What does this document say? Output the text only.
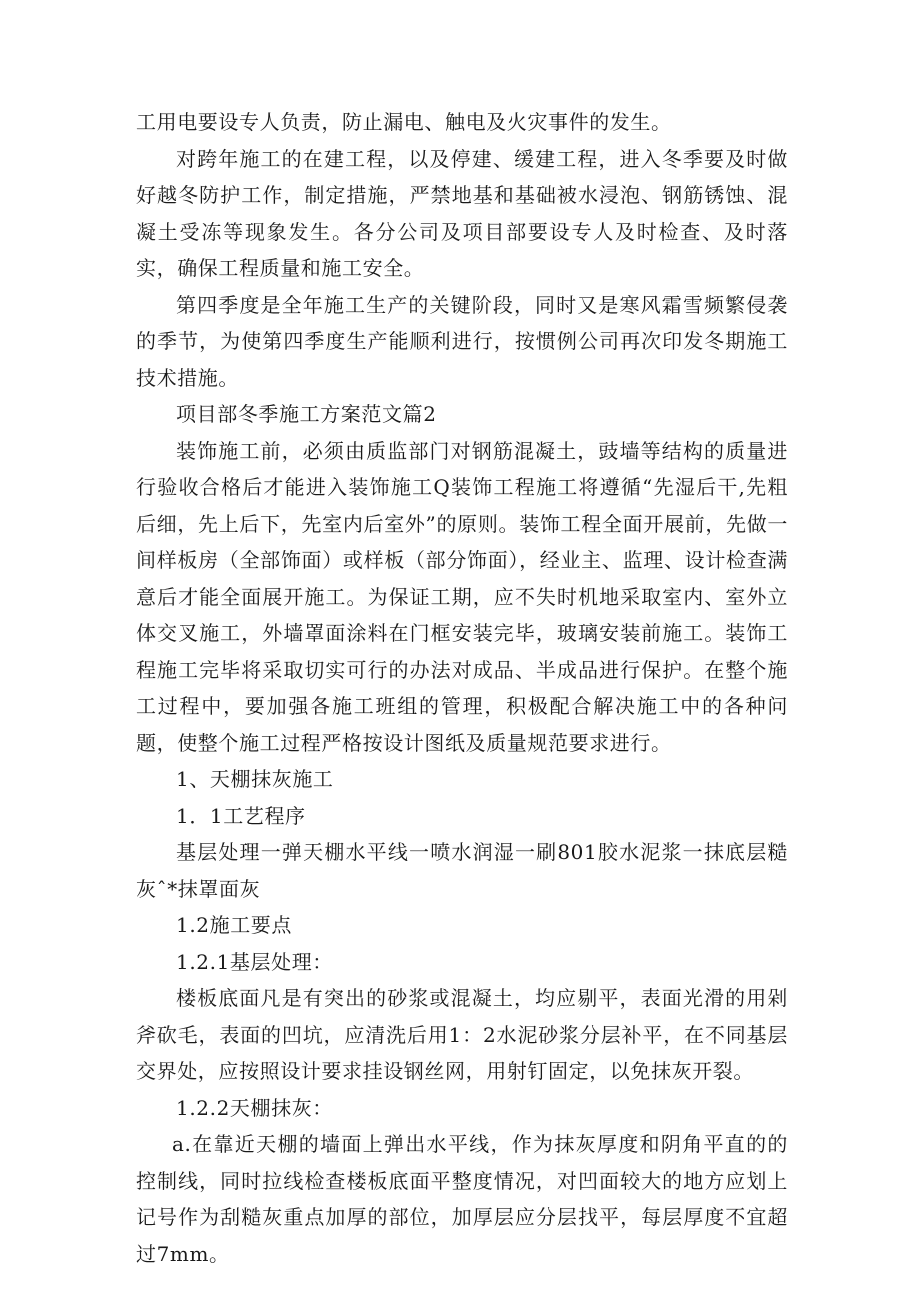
工用电要设专人负责，防止漏电、触电及火灾事件的发生。

对跨年施工的在建工程，以及停建、缓建工程，进入冬季要及时做好越冬防护工作，制定措施，严禁地基和基础被水浸泡、钢筋锈蚀、混凝土受冻等现象发生。各分公司及项目部要设专人及时检查、及时落实，确保工程质量和施工安全。

第四季度是全年施工生产的关键阶段，同时又是寒风霜雪频繁侵袭的季节，为使第四季度生产能顺利进行，按惯例公司再次印发冬期施工技术措施。

项目部冬季施工方案范文篇2

装饰施工前，必须由质监部门对钢筋混凝土，豉墙等结构的质量进行验收合格后才能进入装饰施工Q装饰工程施工将遵循“先湿后干,先粗后细，先上后下，先室内后室外”的原则。装饰工程全面开展前，先做一间样板房（全部饰面）或样板（部分饰面），经业主、监理、设计检查满意后才能全面展开施工。为保证工期，应不失时机地采取室内、室外立体交叉施工，外墙罩面涂料在门框安装完毕，玻璃安装前施工。装饰工程施工完毕将采取切实可行的办法对成品、半成品进行保护。在整个施工过程中，要加强各施工班组的管理，积极配合解决施工中的各种问题，使整个施工过程严格按设计图纸及质量规范要求进行。

1、天棚抹灰施工

1．1工艺程序

基层处理一弹天棚水平线一喷水润湿一刷801胶水泥浆一抹底层糙灰ˆ*抹罩面灰

1.2施工要点

1.2.1基层处理：

楼板底面凡是有突出的砂浆或混凝土，均应剔平，表面光滑的用剁斧砍毛，表面的凹坑，应清洗后用1：2水泥砂浆分层补平，在不同基层交界处，应按照设计要求挂设钢丝网，用射钉固定，以免抹灰开裂。

1.2.2天棚抹灰：

a.在靠近天棚的墙面上弹出水平线，作为抹灰厚度和阴角平直的的控制线，同时拉线检查楼板底面平整度情况，对凹面较大的地方应划上记号作为刮糙灰重点加厚的部位，加厚层应分层找平，每层厚度不宜超过7mm。
